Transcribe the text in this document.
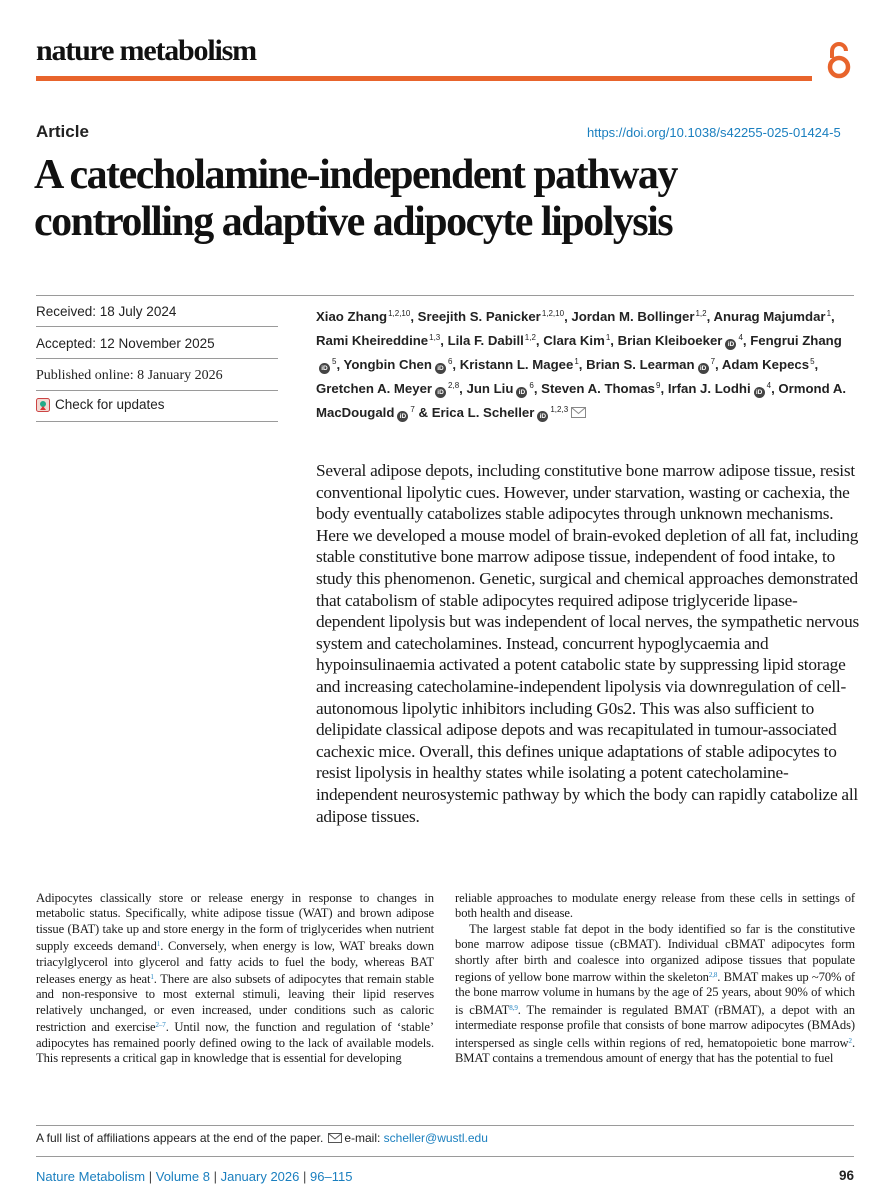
nature metabolism
Article	https://doi.org/10.1038/s42255-025-01424-5
A catecholamine-independent pathway
controlling adaptive adipocyte lipolysis
Received: 18 July 2024
Accepted: 12 November 2025
Published online: 8 January 2026
Check for updates
Xiao Zhang$^{1,2,10}$, Sreejith S. Panicker$^{1,2,10}$, Jordan M. Bollinger$^{1,2}$, Anurag Majumdar$^1$, Rami Kheireddine$^{1,3}$, Lila F. Dabill$^{1,2}$, Clara Kim$^1$, Brian Kleiboeker $iD^4$, Fengrui ZhangiD$^5$, Yongbin Chen $iD^6$, Kristann L. Magee$^1$, Brian S. Learman $iD^7$, Adam Kepecs$^5$, Gretchen A. Meyer iD$^{2,8}$, Jun Liu $iD^6$, Steven A. Thomas$^9$, Irfan J. Lodhi $iD^4$, Ormond A. MacDougald $iD^7$ & Erica L. Scheller iD$^{1,2,3}$

Several adipose depots, including constitutive bone marrow adipose tissue, resist conventional lipolytic cues. However, under starvation, wasting or cachexia, the body eventually catabolizes stable adipocytes through unknown mechanisms. Here we developed a mouse model of brain-evoked depletion of all fat, including stable constitutive bone marrow adipose tissue, independent of food intake, to study this phenomenon. Genetic, surgical and chemical approaches demonstrated that catabolism of stable adipocytes required adipose triglyceride lipase-dependent lipolysis but was independent of local nerves, the sympathetic nervous system and catecholamines. Instead, concurrent hypoglycaemia and hypoinsulinaemia activated a potent catabolic state by suppressing lipid storage and increasing catecholamine-independent lipolysis via downregulation of cell-autonomous lipolytic inhibitors including G0s2. This was also sufficient to delipidate classical adipose depots and was recapitulated in tumour-associated cachexic mice. Overall, this defines unique adaptations of stable adipocytes to resist lipolysis in healthy states while isolating a potent catecholamine-independent neurosystemic pathway by which the body can rapidly catabolize all adipose tissues.

Adipocytes classically store or release energy in response to changes in metabolic status. Specifically, white adipose tissue (WAT) and brown adipose tissue (BAT) take up and store energy in the form of triglycerides when nutrient supply exceeds demand$^1$. Conversely, when energy is low, WAT breaks down triacylglycerol into glycerol and fatty acids to fuel the body, whereas BAT releases energy as heat$^1$. There are also subsets of adipocytes that remain stable and non-responsive to most external stimuli, leaving their lipid reserves relatively unchanged, or even increased, under conditions such as caloric restriction and exercise$^{2-7}$. Until now, the function and regulation of ‘stable’ adipocytes has remained poorly defined owing to the lack of available models. This represents a critical gap in knowledge that is essential for developing

reliable approaches to modulate energy release from these cells in settings of both health and disease.

The largest stable fat depot in the body identified so far is the constitutive bone marrow adipose tissue (cBMAT). Individual cBMAT adipocytes form shortly after birth and coalesce into organized adipose tissues that populate regions of yellow bone marrow within the skeleton$^{2,8}$. BMAT makes up ~70% of the bone marrow volume in humans by the age of 25 years, about 90% of which is cBMAT$^{8,9}$. The remainder is regulated BMAT (rBMAT), a depot with an intermediate response profile that consists of bone marrow adipocytes (BMAds) interspersed as single cells within regions of red, hematopoietic bone marrow$^2$. BMAT contains a tremendous amount of energy that has the potential to fuel

A full list of affiliations appears at the end of the paper. e-mail:
scheller@wustl.edu
Nature Metabolism | Volume 8 | January 2026 | 96–115	96
